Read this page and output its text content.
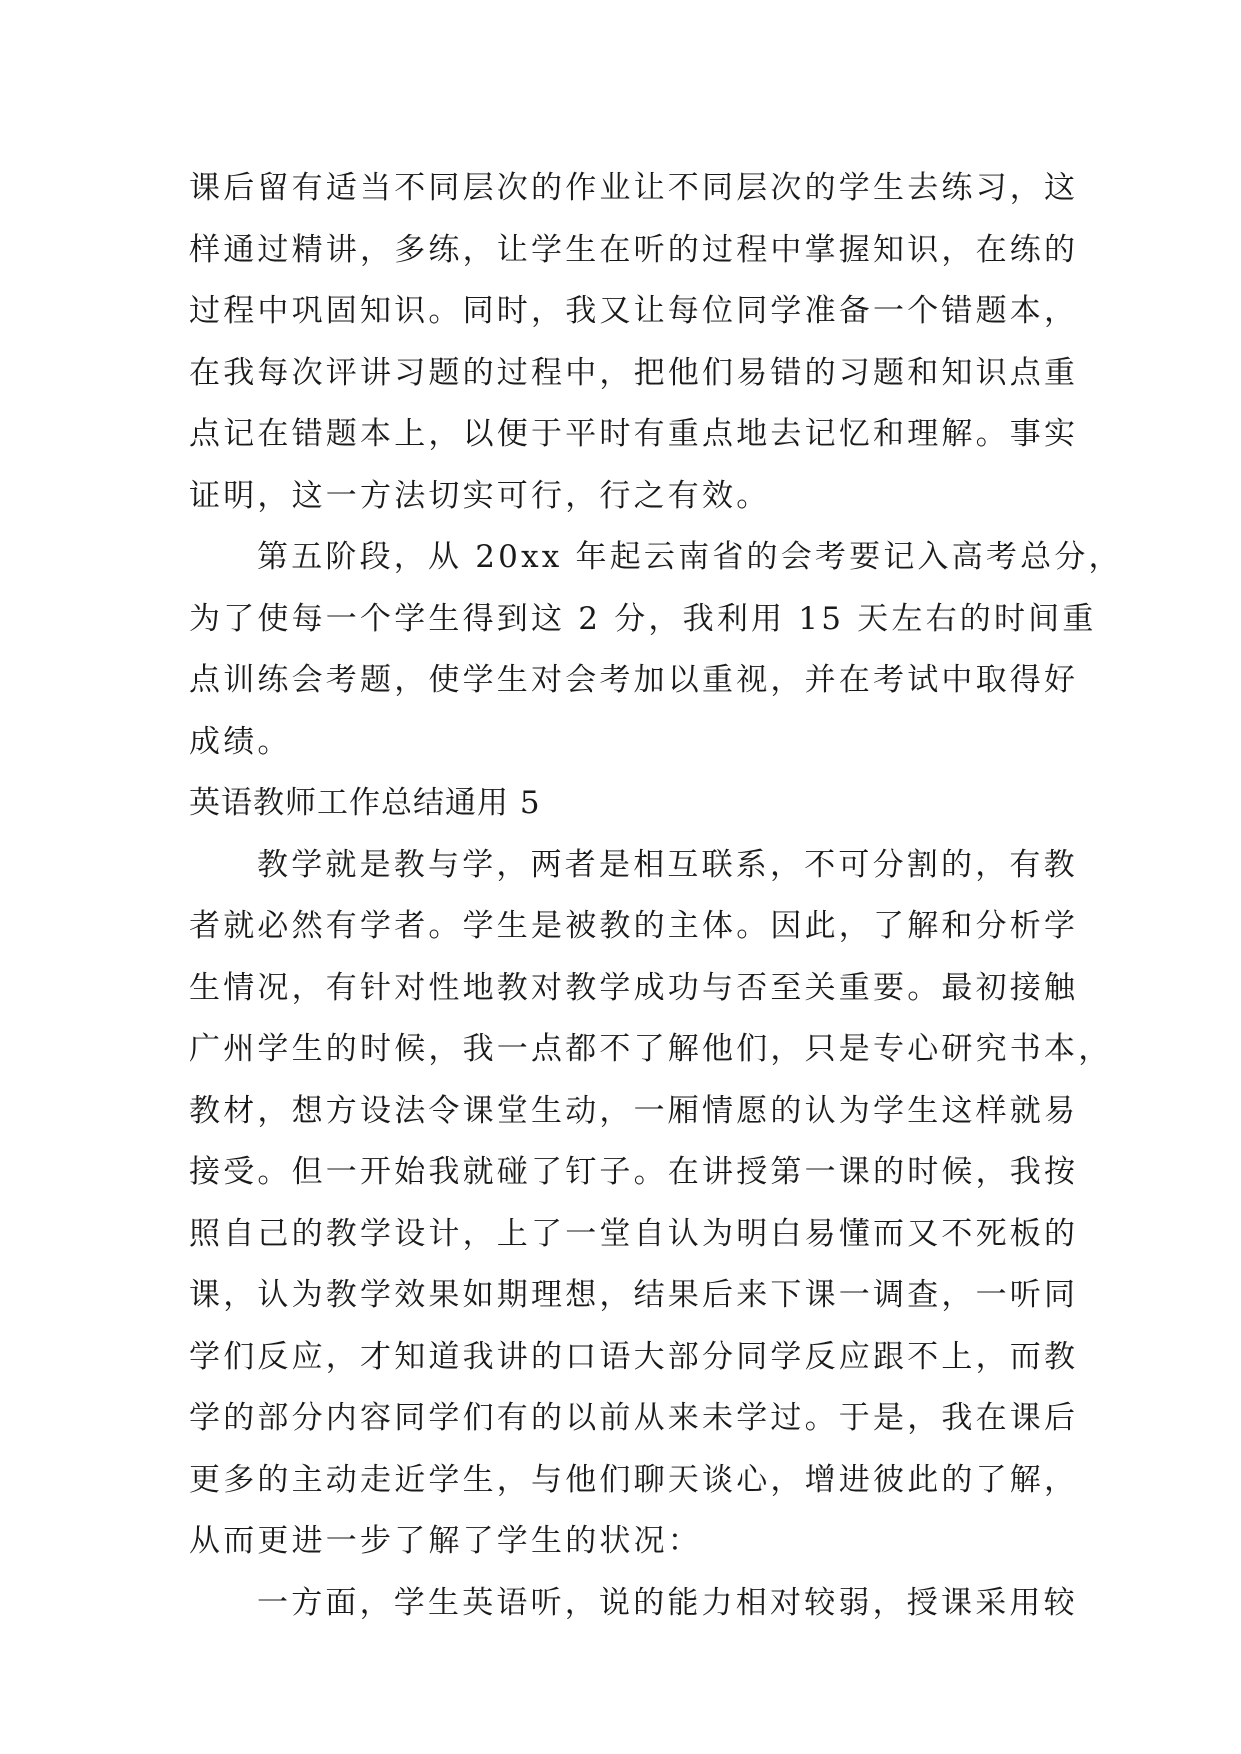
课后留有适当不同层次的作业让不同层次的学生去练习，这
样通过精讲，多练，让学生在听的过程中掌握知识，在练的
过程中巩固知识。同时，我又让每位同学准备一个错题本，
在我每次评讲习题的过程中，把他们易错的习题和知识点重
点记在错题本上，以便于平时有重点地去记忆和理解。事实
证明，这一方法切实可行，行之有效。
第五阶段，从 20xx 年起云南省的会考要记入高考总分，
为了使每一个学生得到这 2 分，我利用 15 天左右的时间重
点训练会考题，使学生对会考加以重视，并在考试中取得好
成绩。
英语教师工作总结通用 5
教学就是教与学，两者是相互联系，不可分割的，有教
者就必然有学者。学生是被教的主体。因此，了解和分析学
生情况，有针对性地教对教学成功与否至关重要。最初接触
广州学生的时候，我一点都不了解他们，只是专心研究书本，
教材，想方设法令课堂生动，一厢情愿的认为学生这样就易
接受。但一开始我就碰了钉子。在讲授第一课的时候，我按
照自己的教学设计，上了一堂自认为明白易懂而又不死板的
课，认为教学效果如期理想，结果后来下课一调查，一听同
学们反应，才知道我讲的口语大部分同学反应跟不上，而教
学的部分内容同学们有的以前从来未学过。于是，我在课后
更多的主动走近学生，与他们聊天谈心，增进彼此的了解，
从而更进一步了解了学生的状况：
一方面，学生英语听，说的能力相对较弱，授课采用较
